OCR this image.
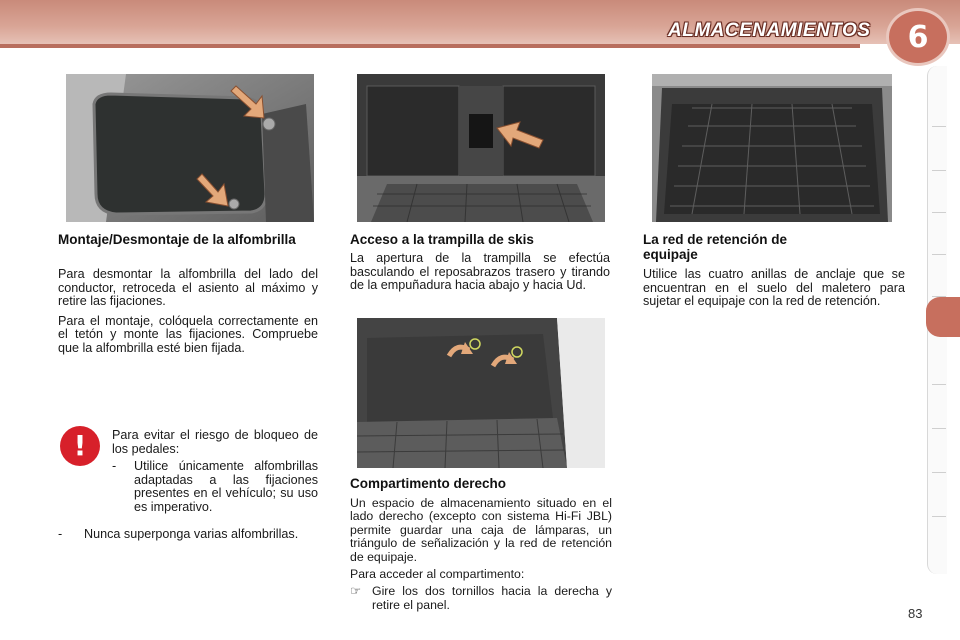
ALMACENAMIENTOS 6
Montaje/Desmontaje de la alfombrilla

Para desmontar la alfombrilla del lado del conductor, retroceda el asiento al máximo y retire las fijaciones.

Para el montaje, colóquela correctamente en el tetón y monte las fijaciones. Compruebe que la alfombrilla esté bien fijada.

! Para evitar el riesgo de bloqueo de los pedales:

- Utilice únicamente alfombrillas adaptadas a las fijaciones presentes en el vehículo; su uso es imperativo.
- Nunca superponga varias alfombrillas.
Acceso a la trampilla de skis

La apertura de la trampilla se efectúa basculando el reposabrazos trasero y tirando de la empuñadura hacia abajo y hacia Ud.

La red de retención de equipaje

Utilice las cuatro anillas de anclaje que se encuentran en el suelo del maletero para sujetar el equipaje con la red de retención.

Compartimento derecho

Un espacio de almacenamiento situado en el lado derecho (excepto con sistema Hi-Fi JBL) permite guardar una caja de lámparas, un triángulo de señalización y la red de retención de equipaje.

Para acceder al compartimento:

☞ Gire los dos tornillos hacia la derecha y retire el panel.
83
